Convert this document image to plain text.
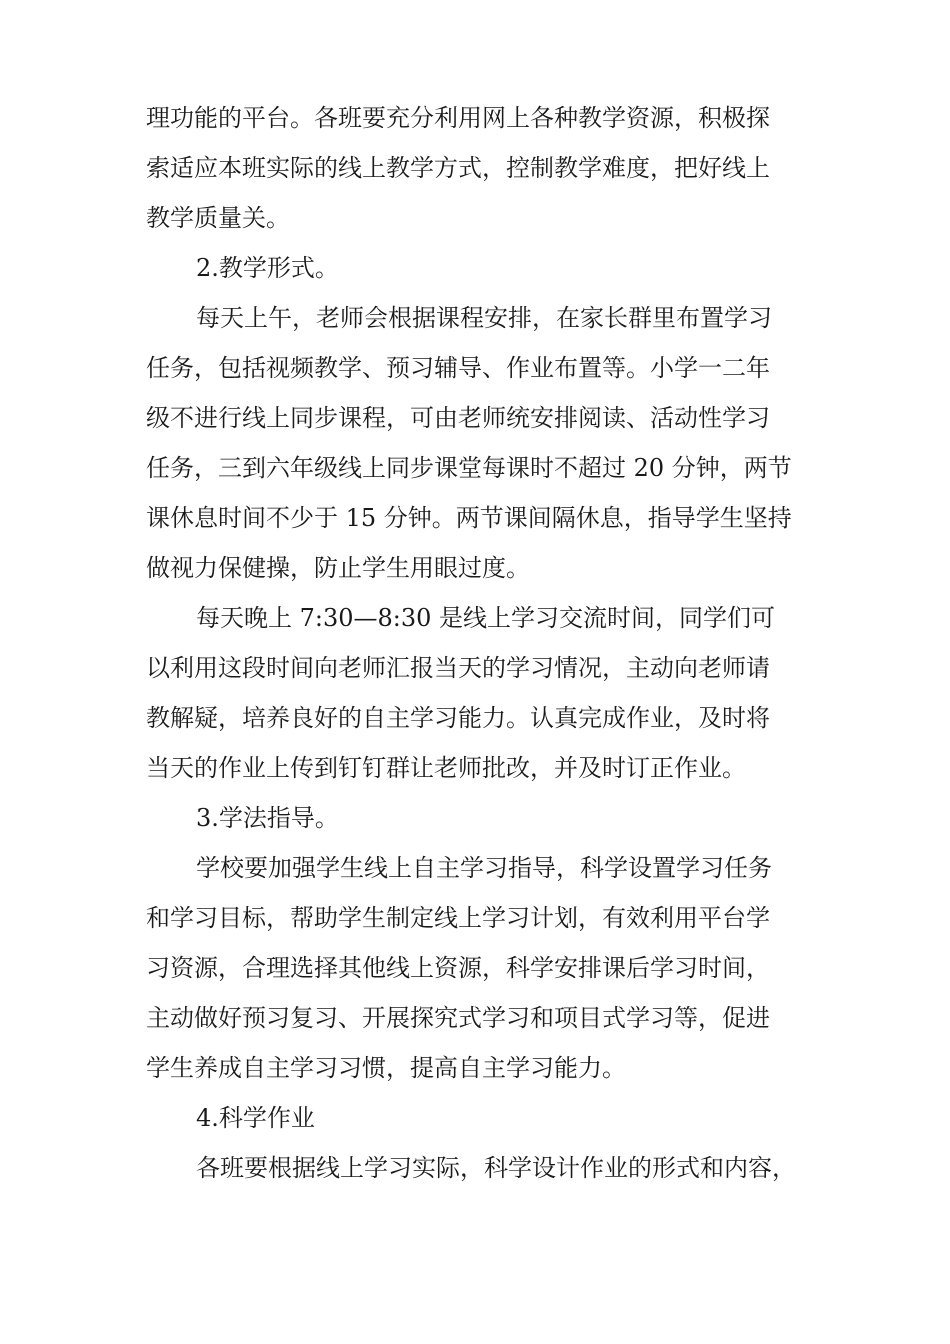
理功能的平台。各班要充分利用网上各种教学资源，积极探
索适应本班实际的线上教学方式，控制教学难度，把好线上
教学质量关。
2.教学形式。
每天上午，老师会根据课程安排，在家长群里布置学习
任务，包括视频教学、预习辅导、作业布置等。小学一二年
级不进行线上同步课程，可由老师统安排阅读、活动性学习
任务，三到六年级线上同步课堂每课时不超过 20 分钟，两节
课休息时间不少于 15 分钟。两节课间隔休息，指导学生坚持
做视力保健操，防止学生用眼过度。
每天晚上 7:30—8:30 是线上学习交流时间，同学们可
以利用这段时间向老师汇报当天的学习情况，主动向老师请
教解疑，培养良好的自主学习能力。认真完成作业，及时将
当天的作业上传到钉钉群让老师批改，并及时订正作业。
3.学法指导。
学校要加强学生线上自主学习指导，科学设置学习任务
和学习目标，帮助学生制定线上学习计划，有效利用平台学
习资源，合理选择其他线上资源，科学安排课后学习时间，
主动做好预习复习、开展探究式学习和项目式学习等，促进
学生养成自主学习习惯，提高自主学习能力。
4.科学作业
各班要根据线上学习实际，科学设计作业的形式和内容，
